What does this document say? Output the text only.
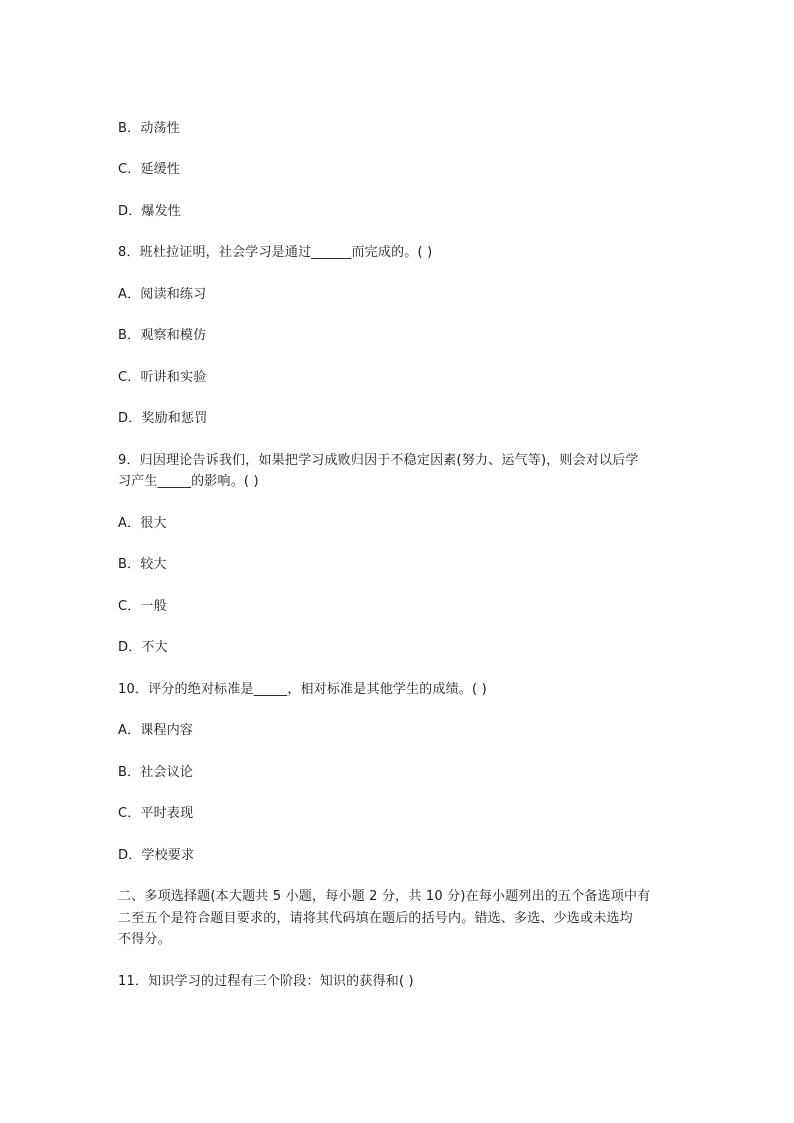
B．动荡性
C．延缓性
D．爆发性
8．班杜拉证明，社会学习是通过______而完成的。( )
A．阅读和练习
B．观察和模仿
C．听讲和实验
D．奖励和惩罚
9．归因理论告诉我们，如果把学习成败归因于不稳定因素(努力、运气等)，则会对以后学
习产生_____的影响。( )
A．很大
B．较大
C．一般
D．不大
10．评分的绝对标准是_____，相对标准是其他学生的成绩。( )
A．课程内容
B．社会议论
C．平时表现
D．学校要求
二、多项选择题(本大题共 5 小题，每小题 2 分，共 10 分)在每小题列出的五个备选项中有
二至五个是符合题目要求的，请将其代码填在题后的括号内。错选、多选、少选或未选均
不得分。
11．知识学习的过程有三个阶段：知识的获得和( )
